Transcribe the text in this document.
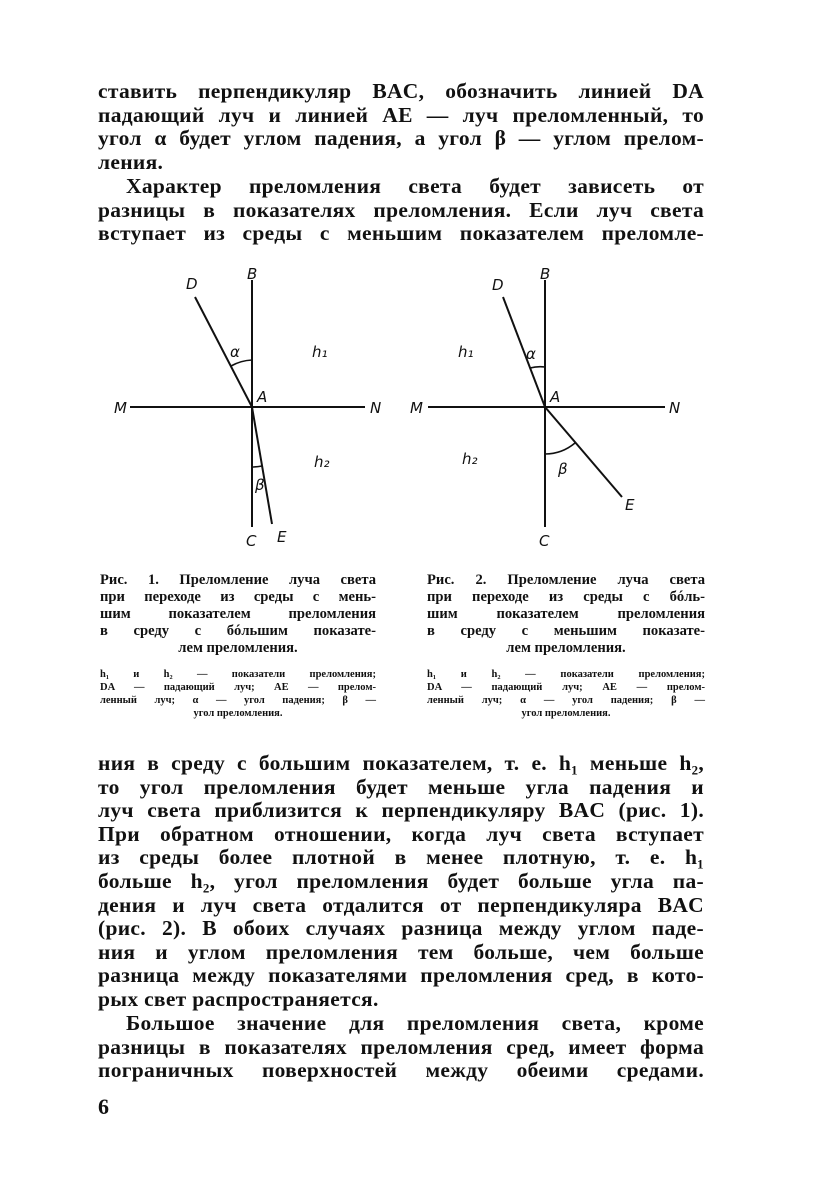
ставить перпендикуляр BAC, обозначить линией DA
падающий луч и линией AE — луч преломленный, то
угол α будет углом падения, а угол β — углом прелом-
ления.
Характер преломления света будет зависеть от
разницы в показателях преломления. Если луч света
вступает из среды с меньшим показателем преломле-
D
B
M	N
A
C E
h₁
h₂
α
β
D
B
M	N
A
C
E
h₁
h₂
α
β
Рис. 1. Преломление луча света
при переходе из среды с мень-
шим показателем преломления
в среду с бóльшим показате-
лем преломления.
h₁ и h₂ — показатели преломления;
DA — падающий луч; AE — прелом-
ленный луч; α — угол падения; β —
угол преломления.
Рис. 2. Преломление луча света
при переходе из среды с бóль-
шим показателем преломления
в среду с меньшим показате-
лем преломления.
h₁ и h₂ — показатели преломления;
DA — падающий луч; AE — прелом-
ленный луч; α — угол падения; β —
угол преломления.
ния в среду с большим показателем, т. е. h₁ меньше h₂,
то угол преломления будет меньше угла падения и
луч света приблизится к перпендикуляру BAC (рис. 1).
При обратном отношении, когда луч света вступает
из среды более плотной в менее плотную, т. е. h₁
больше h₂, угол преломления будет больше угла па-
дения и луч света отдалится от перпендикуляра BAC
(рис. 2). В обоих случаях разница между углом паде-
ния и углом преломления тем больше, чем больше
разница между показателями преломления сред, в кото-
рых свет распространяется.
Большое значение для преломления света, кроме
разницы в показателях преломления сред, имеет форма
пограничных поверхностей между обеими средами.
6
